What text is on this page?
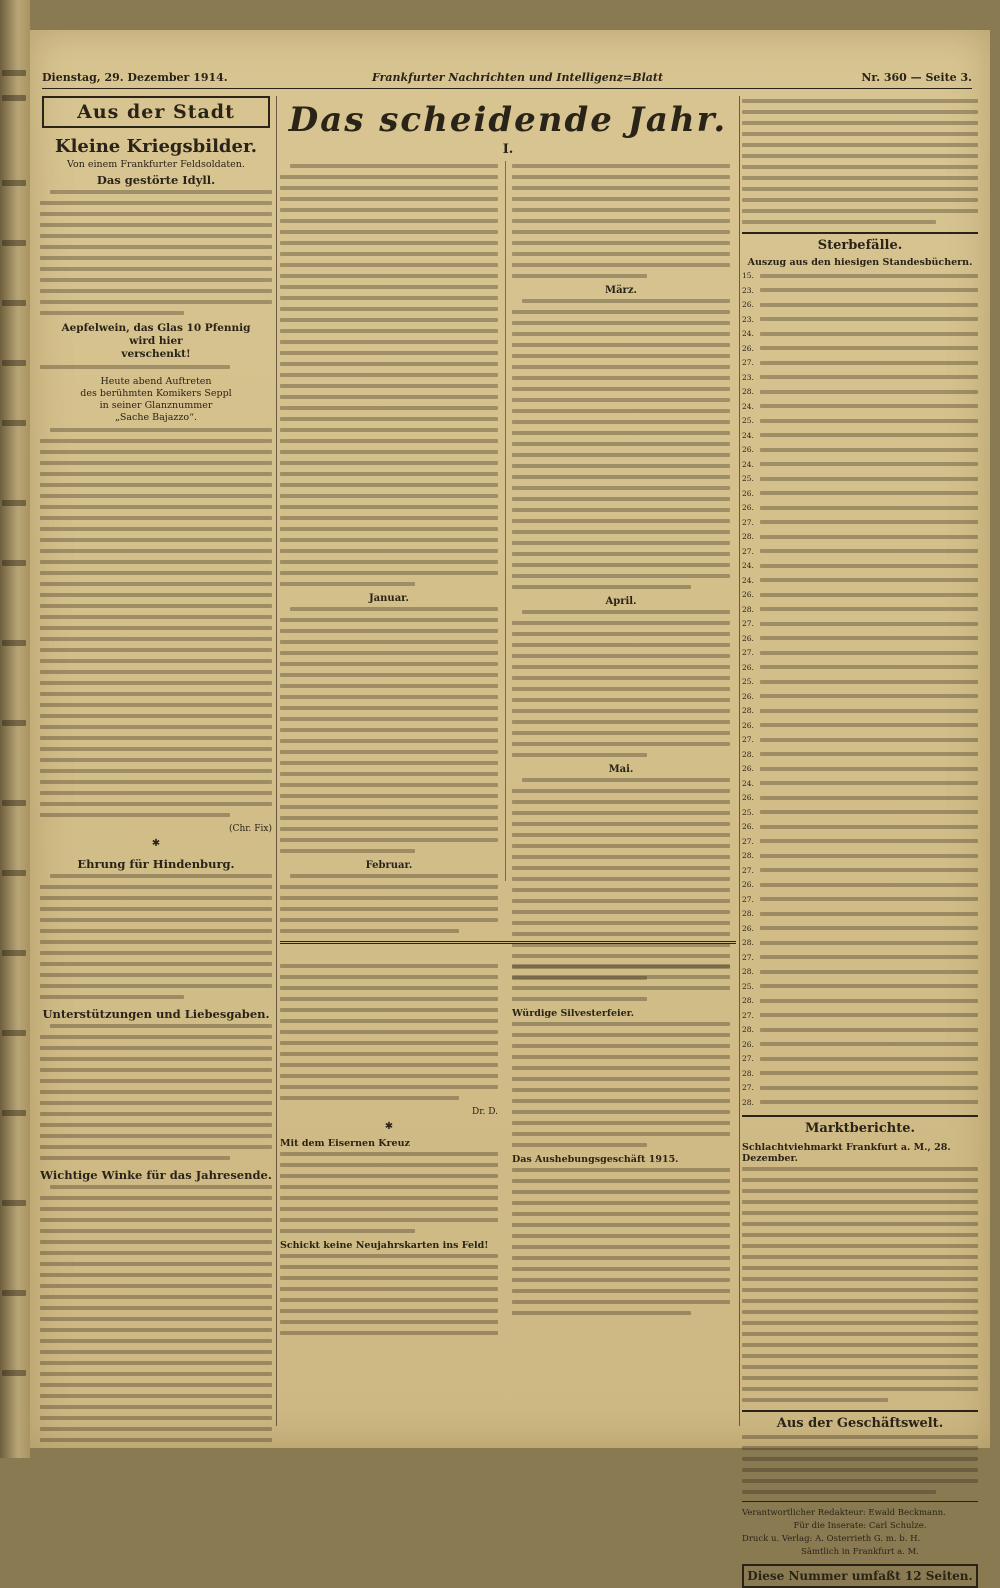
Dienstag, 29. Dezember 1914.	Frankfurter Nachrichten und Intelligenz=Blatt	Nr. 360 — Seite 3.
Aus der Stadt
Kleine Kriegsbilder.
Von einem Frankfurter Feldsoldaten.
Das gestörte Idyll.
Aepfelwein, das Glas 10 Pfennig
wird hier
verschenkt!
Heute abend Auftreten
des berühmten Komikers Seppl
in seiner Glanznummer
„Sache Bajazzo“.
(Chr. Fix)
✱
Ehrung für Hindenburg.
Unterstützungen und Liebesgaben.
Wichtige Winke für das Jahresende.
Das scheidende Jahr.
I.
Januar.
Februar.
März.
April.
Mai.
Dr. D.
✱
Mit dem Eisernen Kreuz
Schickt keine Neujahrskarten ins Feld!
Würdige Silvesterfeier.
Das Aushebungsgeschäft 1915.
Sterbefälle.
Auszug aus den hiesigen Standesbüchern.
15.
23.
26.
23.
24.
26.
27.
23.
28.
24.
25.
24.
26.
24.
25.
26.
26.
27.
28.
27.
24.
24.
26.
28.
27.
26.
27.
26.
25.
26.
28.
26.
27.
28.
26.
24.
26.
25.
26.
27.
28.
27.
26.
27.
28.
26.
28.
27.
28.
25.
28.
27.
28.
26.
27.
28.
27.
28.
Marktberichte.
Schlachtviehmarkt Frankfurt a. M., 28. Dezember.
Aus der Geschäftswelt.
Verantwortlicher Redakteur: Ewald Beckmann.
Für die Inserate: Carl Schulze.
Druck u. Verlag: A. Osterrieth G. m. b. H.
Sämtlich in Frankfurt a. M.
Diese Nummer umfaßt 12 Seiten.
